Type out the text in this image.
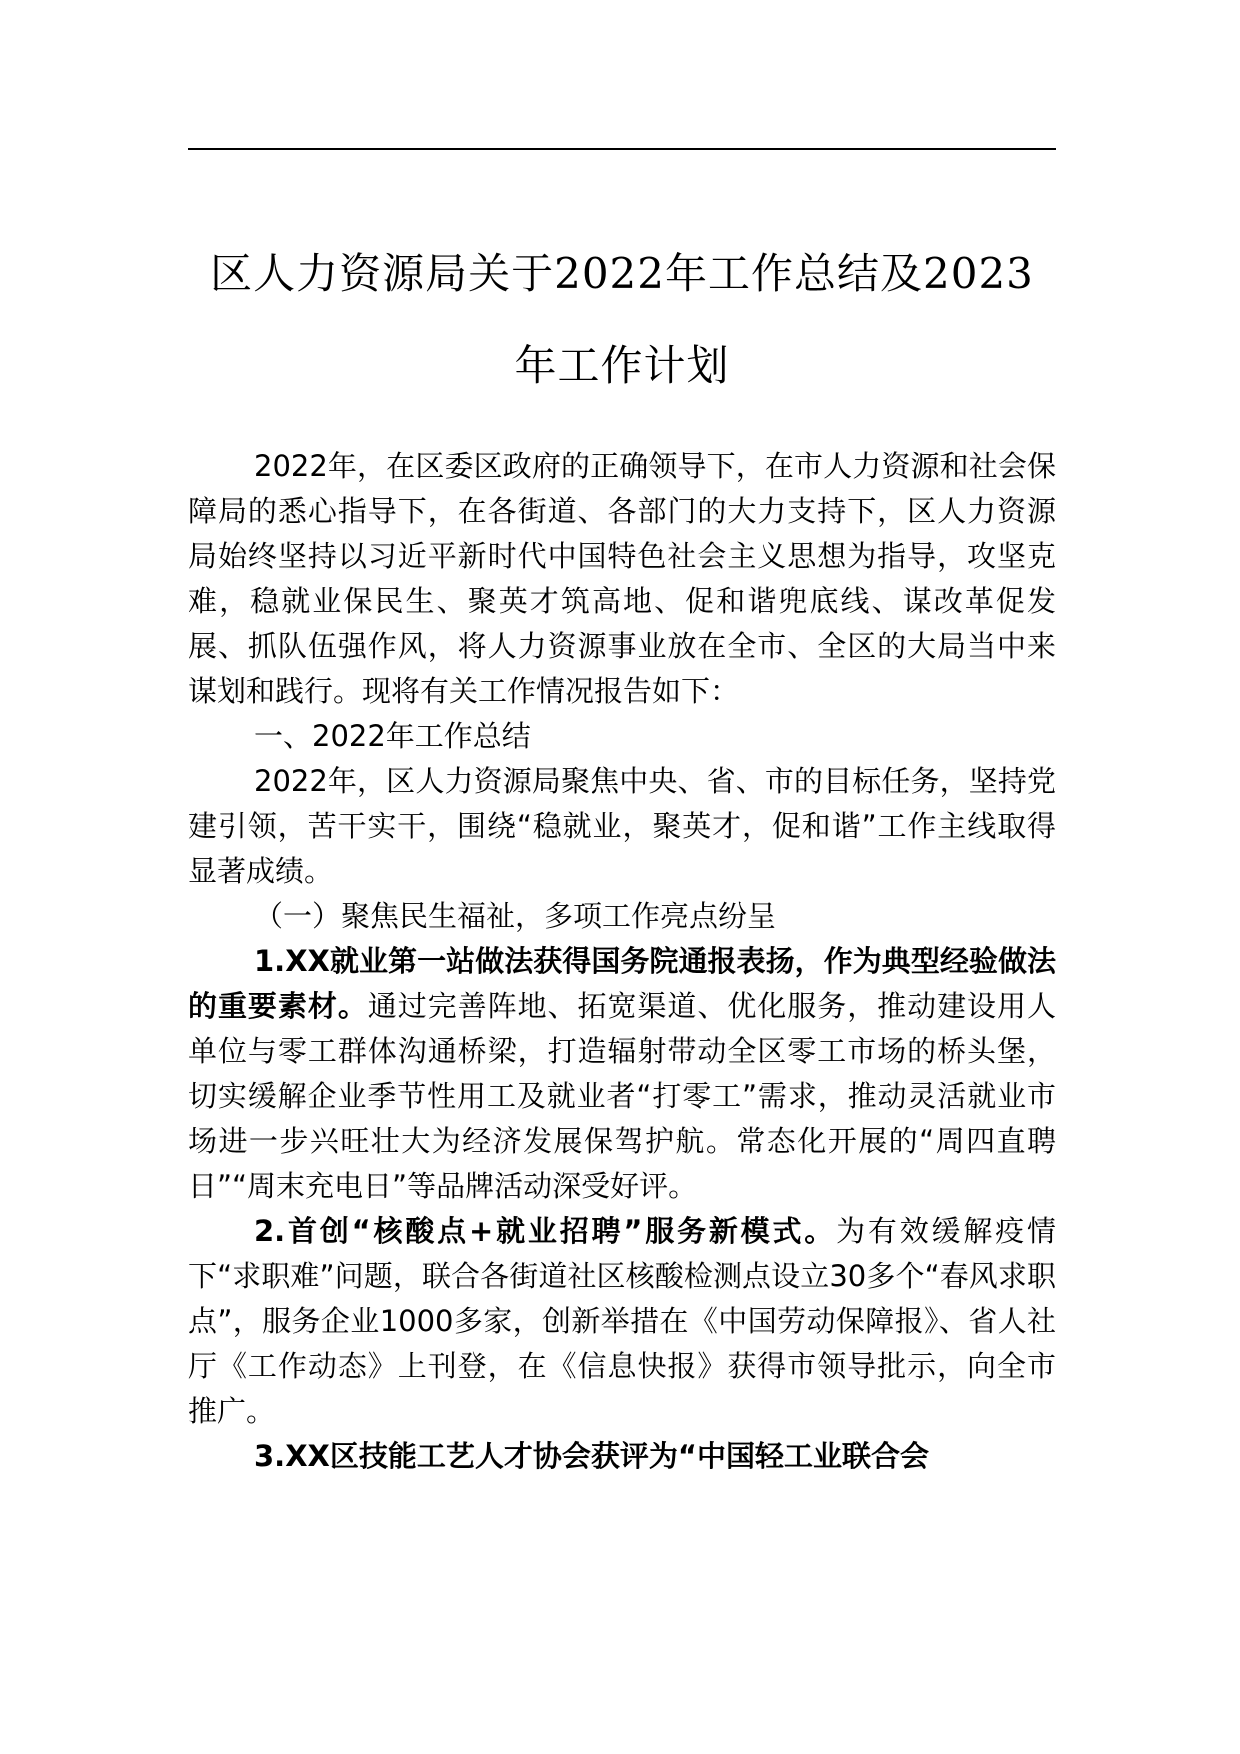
区人力资源局关于2022年工作总结及2023
年工作计划

2022年，在区委区政府的正确领导下，在市人力资源和社会保障局的悉心指导下，在各街道、各部门的大力支持下，区人力资源局始终坚持以习近平新时代中国特色社会主义思想为指导，攻坚克难，稳就业保民生、聚英才筑高地、促和谐兜底线、谋改革促发展、抓队伍强作风，将人力资源事业放在全市、全区的大局当中来谋划和践行。现将有关工作情况报告如下：

一、2022年工作总结

2022年，区人力资源局聚焦中央、省、市的目标任务，坚持党建引领，苦干实干，围绕“稳就业，聚英才，促和谐”工作主线取得显著成绩。

（一）聚焦民生福祉，多项工作亮点纷呈

1.XX就业第一站做法获得国务院通报表扬，作为典型经验做法的重要素材。通过完善阵地、拓宽渠道、优化服务，推动建设用人单位与零工群体沟通桥梁，打造辐射带动全区零工市场的桥头堡，切实缓解企业季节性用工及就业者“打零工”需求，推动灵活就业市场进一步兴旺壮大为经济发展保驾护航。常态化开展的“周四直聘日”“周末充电日”等品牌活动深受好评。

2.首创“核酸点+就业招聘”服务新模式。为有效缓解疫情下“求职难”问题，联合各街道社区核酸检测点设立30多个“春风求职点”，服务企业1000多家，创新举措在《中国劳动保障报》、省人社厅《工作动态》上刊登，在《信息快报》获得市领导批示，向全市推广。

3.XX区技能工艺人才协会获评为“中国轻工业联合会
